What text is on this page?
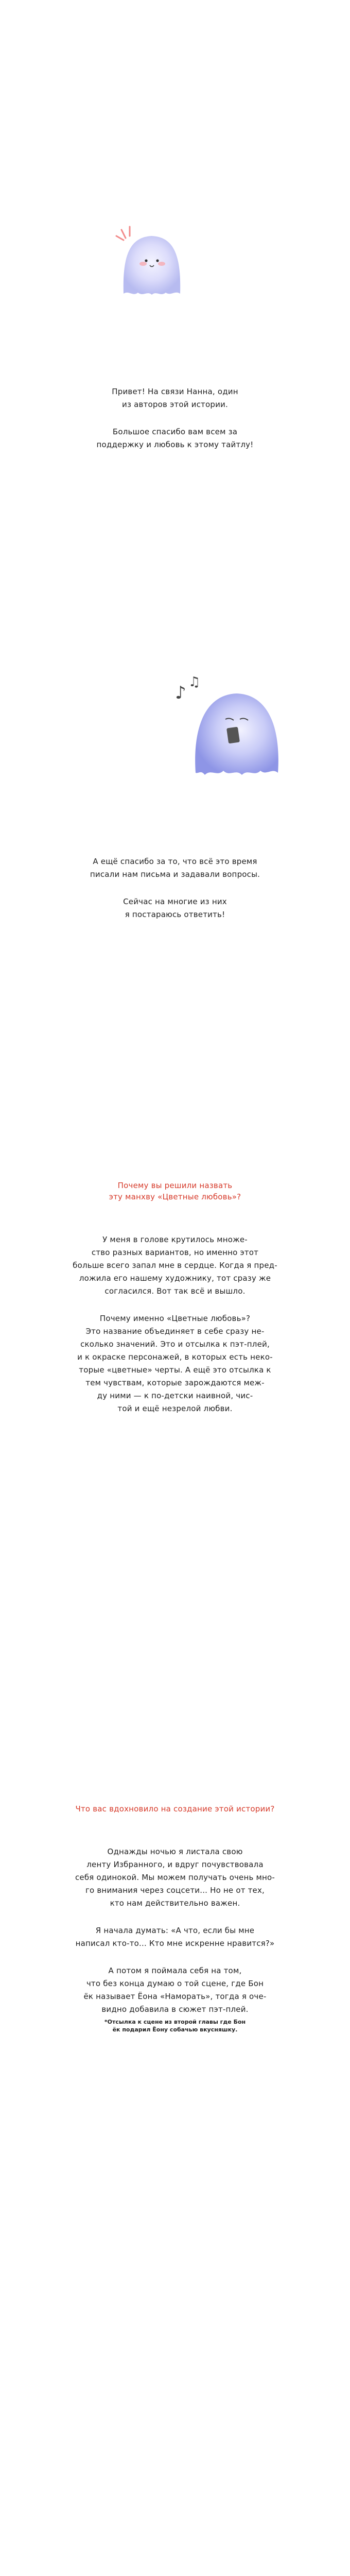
Привет! На связи Нанна, один
из авторов этой истории.

Большое спасибо вам всем за
поддержку и любовь к этому тайтлу!

♪
♫

А ещё спасибо за то, что всё это время
писали нам письма и задавали вопросы.

Сейчас на многие из них
я постараюсь ответить!

Почему вы решили назвать
эту манхву «Цветные любовь»?

У меня в голове крутилось множе-
ство разных вариантов, но именно этот
больше всего запал мне в сердце. Когда я пред-
ложила его нашему художнику, тот сразу же
согласился. Вот так всё и вышло.

Почему именно «Цветные любовь»?
Это название объединяет в себе сразу не-
сколько значений. Это и отсылка к пэт-плей,
и к окраске персонажей, в которых есть неко-
торые «цветные» черты. А ещё это отсылка к
тем чувствам, которые зарождаются меж-
ду ними — к по-детски наивной, чис-
той и ещё незрелой любви.

Что вас вдохновило на создание этой истории?

Однажды ночью я листала свою
ленту Избранного, и вдруг почувствовала
себя одинокой. Мы можем получать очень мно-
го внимания через соцсети... Но не от тех,
кто нам действительно важен.

Я начала думать: «А что, если бы мне
написал кто-то... Кто мне искренне нравится?»

А потом я поймала себя на том,
что без конца думаю о той сцене, где Бон
ёк называет Ёона «Наморать», тогда я оче-
видно добавила в сюжет пэт-плей.

*Отсылка к сцене из второй главы где Бон
ёк подарил Ёону собачью вкусняшку.
